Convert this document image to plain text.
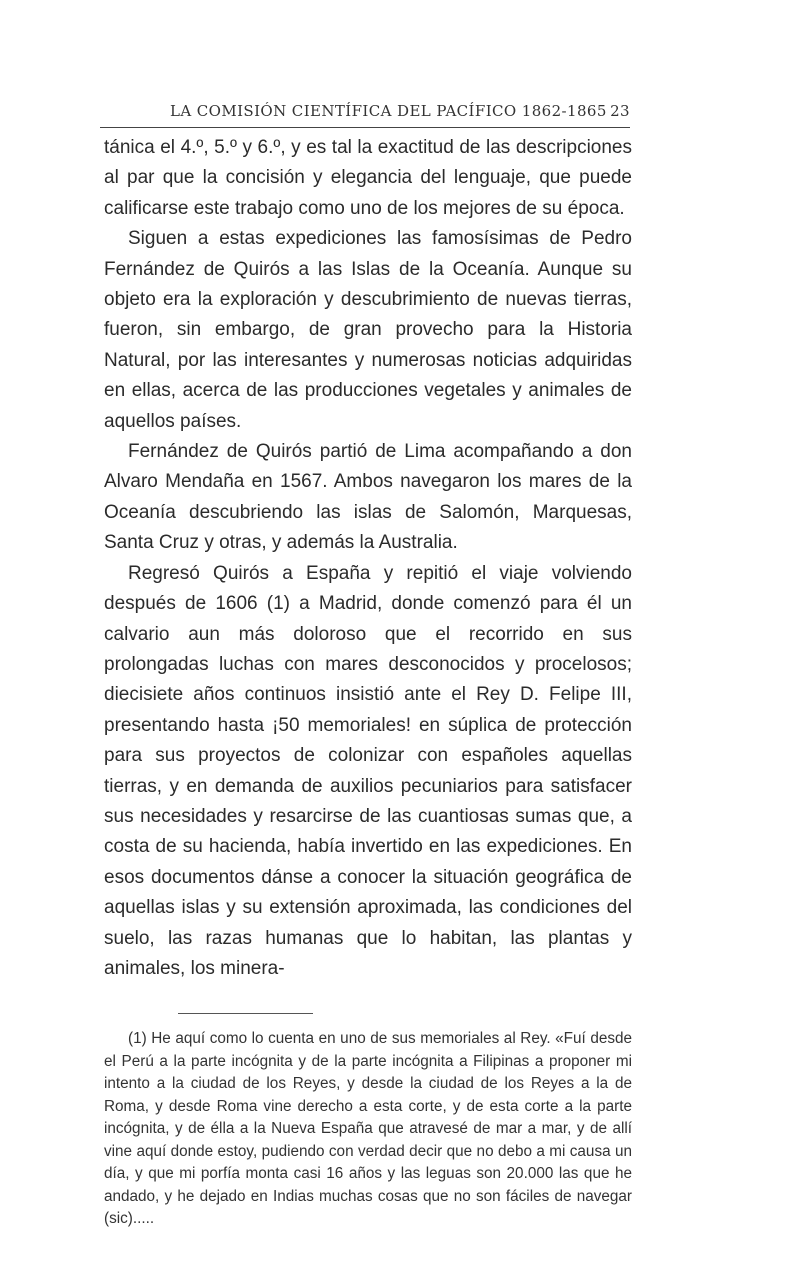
LA COMISIÓN CIENTÍFICA DEL PACÍFICO 1862-1865 23

tánica el 4.º, 5.º y 6.º, y es tal la exactitud de las descripciones al par que la concisión y elegancia del lenguaje, que puede calificarse este trabajo como uno de los mejores de su época.

Siguen a estas expediciones las famosísimas de Pedro Fernández de Quirós a las Islas de la Oceanía. Aunque su objeto era la exploración y descubrimiento de nuevas tierras, fueron, sin embargo, de gran provecho para la Historia Natural, por las interesantes y numerosas noticias adquiridas en ellas, acerca de las producciones vegetales y animales de aquellos países.

Fernández de Quirós partió de Lima acompañando a don Alvaro Mendaña en 1567. Ambos navegaron los mares de la Oceanía descubriendo las islas de Salomón, Marquesas, Santa Cruz y otras, y además la Australia.

Regresó Quirós a España y repitió el viaje volviendo después de 1606 (1) a Madrid, donde comenzó para él un calvario aun más doloroso que el recorrido en sus prolongadas luchas con mares desconocidos y procelosos; diecisiete años continuos insistió ante el Rey D. Felipe III, presentando hasta ¡50 memoriales! en súplica de protección para sus proyectos de colonizar con españoles aquellas tierras, y en demanda de auxilios pecuniarios para satisfacer sus necesidades y resarcirse de las cuantiosas sumas que, a costa de su hacienda, había invertido en las expediciones. En esos documentos dánse a conocer la situación geográfica de aquellas islas y su extensión aproximada, las condiciones del suelo, las razas humanas que lo habitan, las plantas y animales, los minera-

(1) He aquí como lo cuenta en uno de sus memoriales al Rey. «Fuí desde el Perú a la parte incógnita y de la parte incógnita a Filipinas a proponer mi intento a la ciudad de los Reyes, y desde la ciudad de los Reyes a la de Roma, y desde Roma vine derecho a esta corte, y de esta corte a la parte incógnita, y de élla a la Nueva España que atravesé de mar a mar, y de allí vine aquí donde estoy, pudiendo con verdad decir que no debo a mi causa un día, y que mi porfía monta casi 16 años y las leguas son 20.000 las que he andado, y he dejado en Indias muchas cosas que no son fáciles de navegar (sic).....
